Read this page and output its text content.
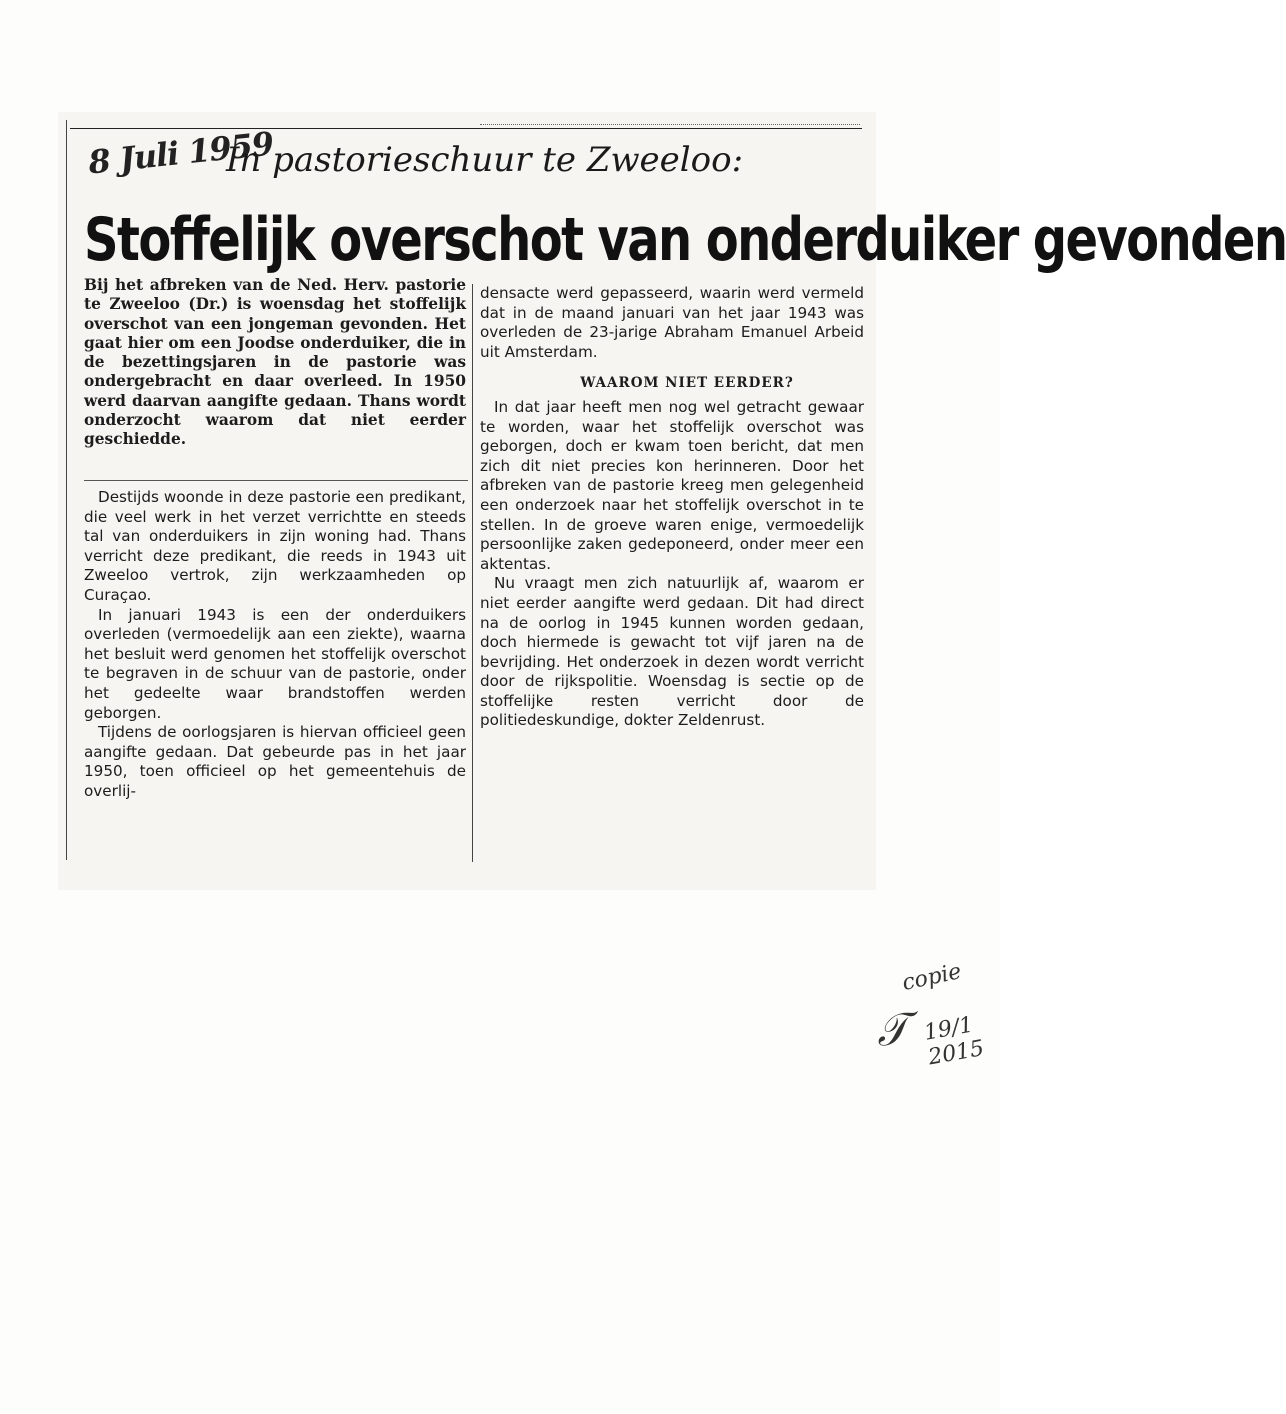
8 Juli 1959
In pastorieschuur te Zweeloo:
Stoffelijk overschot van onderduiker gevonden

Bij het afbreken van de Ned. Herv. pastorie te Zweeloo (Dr.) is woensdag het stoffelijk overschot van een jongeman gevonden. Het gaat hier om een Joodse onderduiker, die in de bezettingsjaren in de pastorie was ondergebracht en daar overleed. In 1950 werd daarvan aangifte gedaan. Thans wordt onderzocht waarom dat niet eerder geschiedde.

Destijds woonde in deze pastorie een predikant, die veel werk in het verzet verrichtte en steeds tal van onderduikers in zijn woning had. Thans verricht deze predikant, die reeds in 1943 uit Zweeloo vertrok, zijn werkzaamheden op Curaçao.

In januari 1943 is een der onderduikers overleden (vermoedelijk aan een ziekte), waarna het besluit werd genomen het stoffelijk overschot te begraven in de schuur van de pastorie, onder het gedeelte waar brandstoffen werden geborgen.

Tijdens de oorlogsjaren is hiervan officieel geen aangifte gedaan. Dat gebeurde pas in het jaar 1950, toen officieel op het gemeentehuis de overlij-

densacte werd gepasseerd, waarin werd vermeld dat in de maand januari van het jaar 1943 was overleden de 23-jarige Abraham Emanuel Arbeid uit Amsterdam.

WAAROM NIET EERDER?

In dat jaar heeft men nog wel getracht gewaar te worden, waar het stoffelijk overschot was geborgen, doch er kwam toen bericht, dat men zich dit niet precies kon herinneren. Door het afbreken van de pastorie kreeg men gelegenheid een onderzoek naar het stoffelijk overschot in te stellen. In de groeve waren enige, vermoedelijk persoonlijke zaken gedeponeerd, onder meer een aktentas.

Nu vraagt men zich natuurlijk af, waarom er niet eerder aangifte werd gedaan. Dit had direct na de oorlog in 1945 kunnen worden gedaan, doch hiermede is gewacht tot vijf jaren na de bevrijding. Het onderzoek in dezen wordt verricht door de rijkspolitie. Woensdag is sectie op de stoffelijke resten verricht door de politiedeskundige, dokter Zeldenrust.

copie
𝒯 19/1 2015
